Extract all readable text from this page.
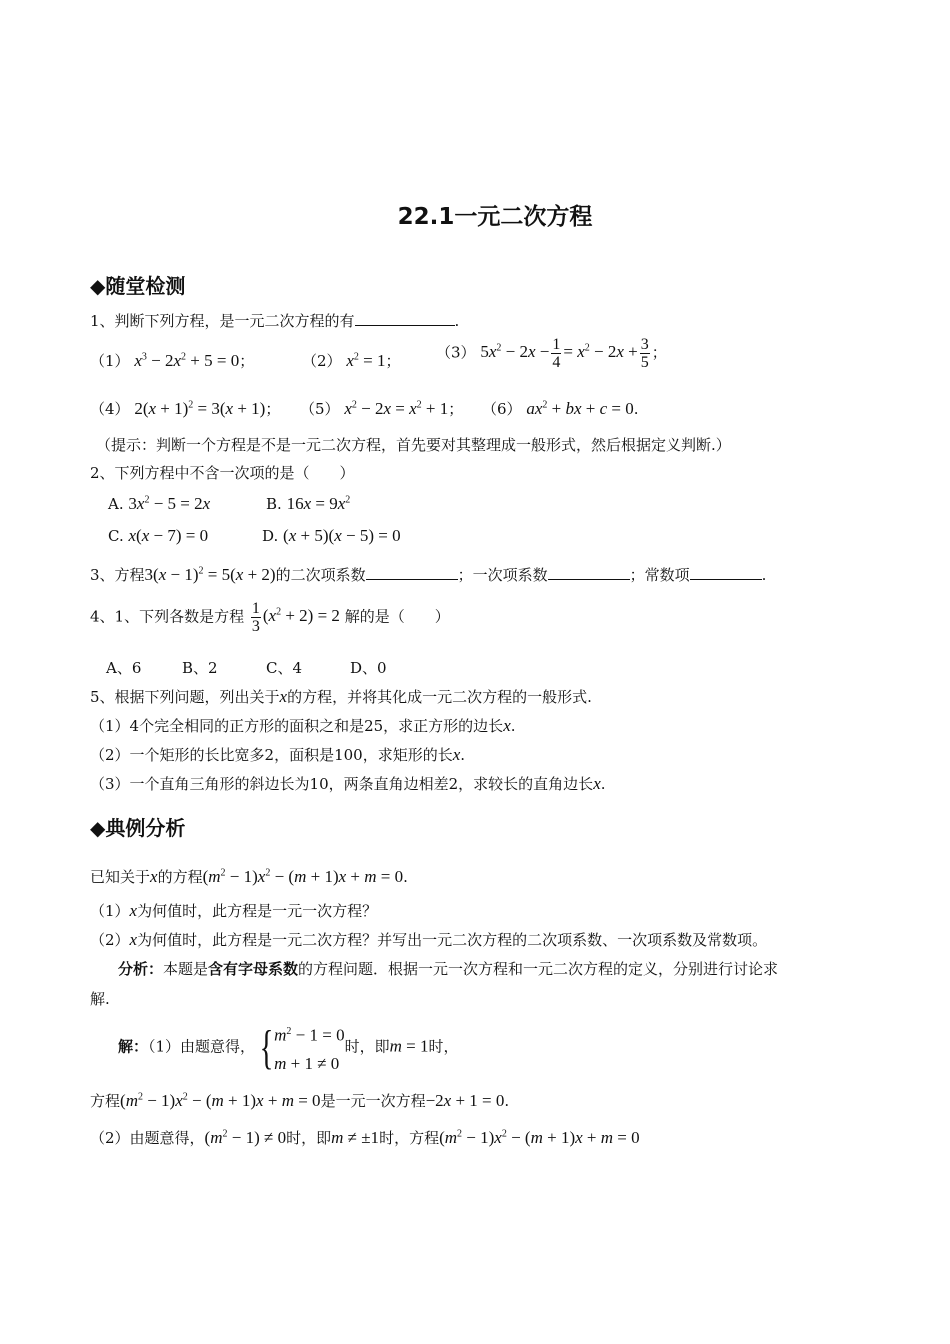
22.1一元二次方程
◆随堂检测
1、判断下列方程，是一元二次方程的有	.
（1） $x^3 - 2x^2 + 5 = 0$；	（2） $x^2 = 1$； （3） $5x^2 - 2x - \frac{1}{4} = x^2 - 2x + \frac{3}{5}$ ；
（4） $2(x + 1)^2 = 3(x + 1)$； （5） $x^2 - 2x = x^2 + 1$； （6） $ax^2$ + bx + c = 0.
（提示：判断一个方程是不是一元二次方程，首先要对其整理成一般形式，然后根据定义判断.）
2、下列方程中不含一次项的是（　　）
A. $3x^2 - 5 = 2x$	B. $16x = 9x^2$
C. x(x − 7) = 0	D. (x + 5)(x − 5) = 0
3、方程$3(x - 1)^2 = 5(x + 2)$的二次项系数	；一次项系数	；常数项	.
4、1、下列各数是方程 $\frac{1}{3} (x^2 + 2) = 2$ 解的是（　　）
A、6	B、2	C、4	D、0
5、根据下列问题，列出关于x的方程，并将其化成一元二次方程的一般形式.
（1）4个完全相同的正方形的面积之和是25，求正方形的边长x.
（2）一个矩形的长比宽多2，面积是100，求矩形的长x.
（3）一个直角三角形的斜边长为10，两条直角边相差2，求较长的直角边长x.
◆典例分析
已知关于x的方程$(m^2 - 1)x^2 - (m + 1)x + m = 0$.
（1）x为何值时，此方程是一元一次方程？
（2）x为何值时，此方程是一元二次方程？并写出一元二次方程的二次项系数、一次项系数及常数项。
分析：本题是含有字母系数的方程问题．根据一元一次方程和一元二次方程的定义，分别进行讨论求
解.
解：（1）由题意得，{ $m^2 - 1 = 0$
m + 1 ≠ 0
时，即m = 1时，
方程$(m^2 - 1)x^2 - (m + 1)x + m = 0$是一元一次方程−2x + 1 = 0.
（2）由题意得，$(m^2 - 1) \ne 0$时，即m ≠ ±1时，方程$(m^2 - 1)x^2 - (m + 1)x + m = 0$
